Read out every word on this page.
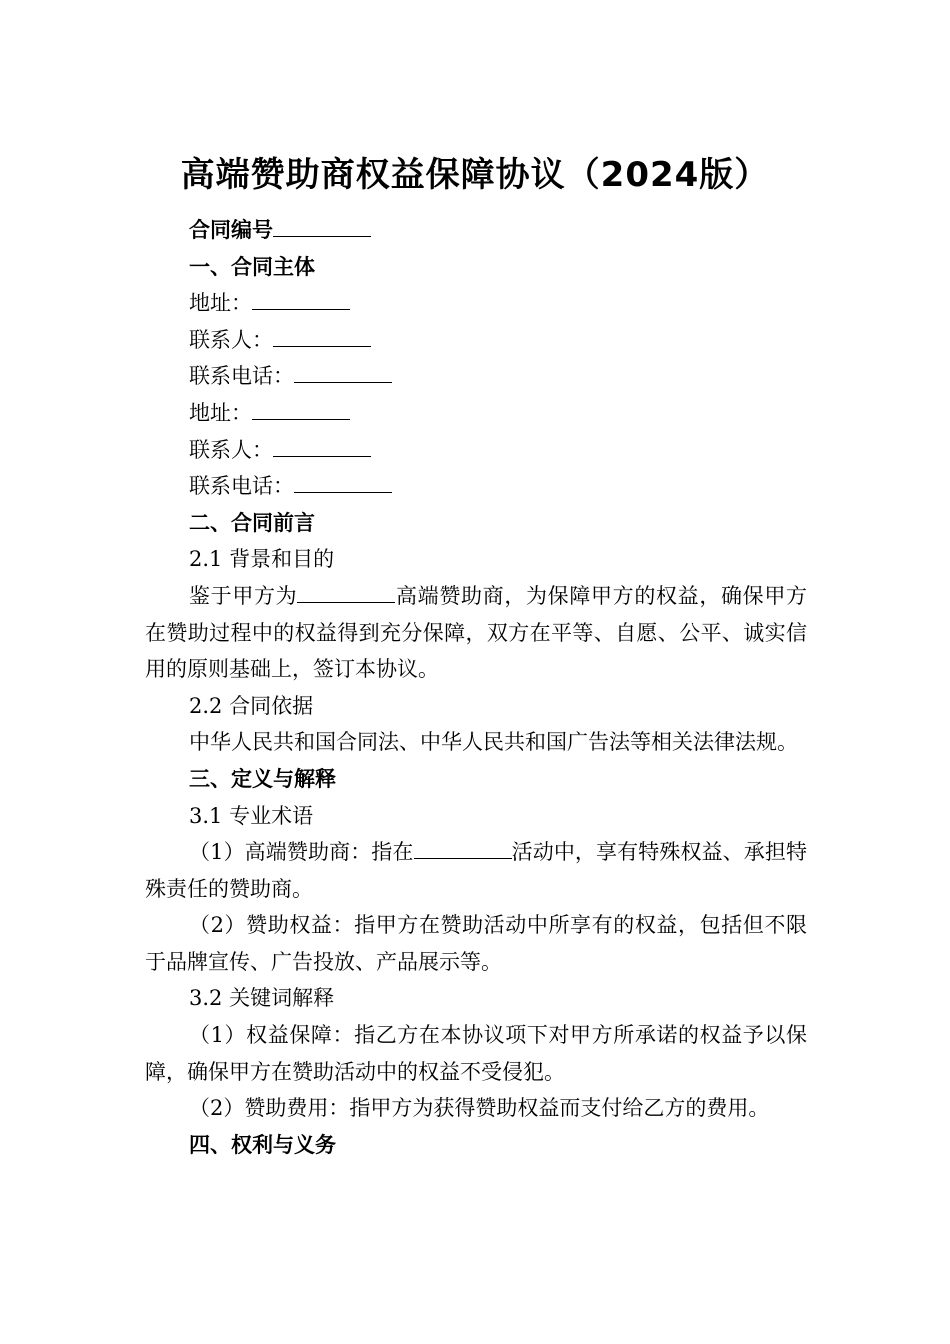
高端赞助商权益保障协议（2024版）

合同编号

一、合同主体

地址：

联系人：

联系电话：

地址：

联系人：

联系电话：

二、合同前言

2.1 背景和目的

鉴于甲方为	高端赞助商，为保障甲方的权益，确保甲方在赞助过程中的权益得到充分保障，双方在平等、自愿、公平、诚实信用的原则基础上，签订本协议。

2.2 合同依据

中华人民共和国合同法、中华人民共和国广告法等相关法律法规。

三、定义与解释

3.1 专业术语

（1）高端赞助商：指在	活动中，享有特殊权益、承担特殊责任的赞助商。

（2）赞助权益：指甲方在赞助活动中所享有的权益，包括但不限于品牌宣传、广告投放、产品展示等。

3.2 关键词解释

（1）权益保障：指乙方在本协议项下对甲方所承诺的权益予以保障，确保甲方在赞助活动中的权益不受侵犯。

（2）赞助费用：指甲方为获得赞助权益而支付给乙方的费用。

四、权利与义务
